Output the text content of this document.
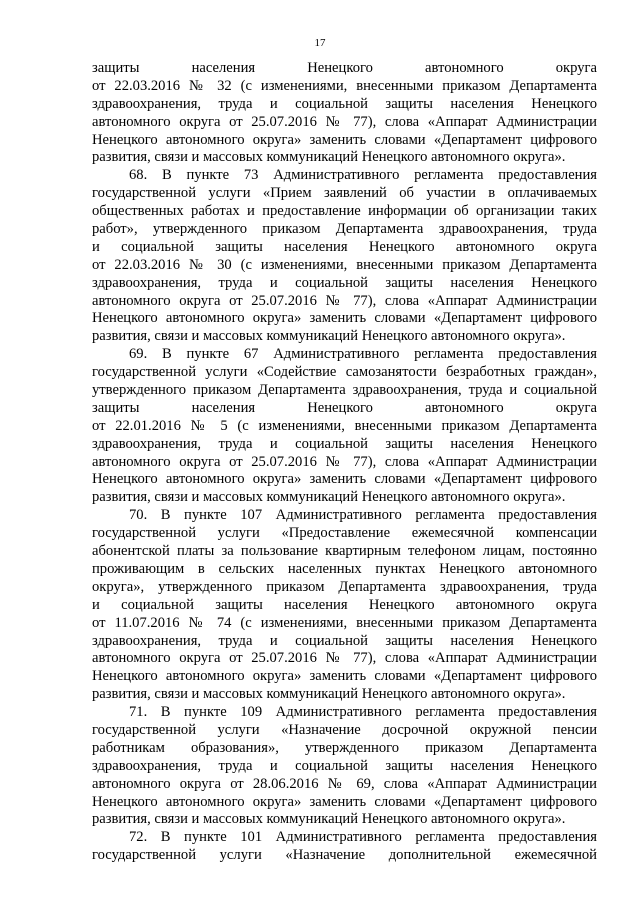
17
защиты населения Ненецкого автономного округа
от 22.03.2016 № 32 (с изменениями, внесенными приказом Департамента
здравоохранения, труда и социальной защиты населения Ненецкого
автономного округа от 25.07.2016 № 77), слова «Аппарат Администрации
Ненецкого автономного округа» заменить словами «Департамент цифрового
развития, связи и массовых коммуникаций Ненецкого автономного округа».
68. В пункте 73 Административного регламента предоставления
государственной услуги «Прием заявлений об участии в оплачиваемых
общественных работах и предоставление информации об организации таких
работ», утвержденного приказом Департамента здравоохранения, труда
и социальной защиты населения Ненецкого автономного округа
от 22.03.2016 № 30 (с изменениями, внесенными приказом Департамента
здравоохранения, труда и социальной защиты населения Ненецкого
автономного округа от 25.07.2016 № 77), слова «Аппарат Администрации
Ненецкого автономного округа» заменить словами «Департамент цифрового
развития, связи и массовых коммуникаций Ненецкого автономного округа».
69. В пункте 67 Административного регламента предоставления
государственной услуги «Содействие самозанятости безработных граждан»,
утвержденного приказом Департамента здравоохранения, труда и социальной
защиты населения Ненецкого автономного округа
от 22.01.2016 № 5 (с изменениями, внесенными приказом Департамента
здравоохранения, труда и социальной защиты населения Ненецкого
автономного округа от 25.07.2016 № 77), слова «Аппарат Администрации
Ненецкого автономного округа» заменить словами «Департамент цифрового
развития, связи и массовых коммуникаций Ненецкого автономного округа».
70. В пункте 107 Административного регламента предоставления
государственной услуги «Предоставление ежемесячной компенсации
абонентской платы за пользование квартирным телефоном лицам, постоянно
проживающим в сельских населенных пунктах Ненецкого автономного
округа», утвержденного приказом Департамента здравоохранения, труда
и социальной защиты населения Ненецкого автономного округа
от 11.07.2016 № 74 (с изменениями, внесенными приказом Департамента
здравоохранения, труда и социальной защиты населения Ненецкого
автономного округа от 25.07.2016 № 77), слова «Аппарат Администрации
Ненецкого автономного округа» заменить словами «Департамент цифрового
развития, связи и массовых коммуникаций Ненецкого автономного округа».
71. В пункте 109 Административного регламента предоставления
государственной услуги «Назначение досрочной окружной пенсии
работникам образования», утвержденного приказом Департамента
здравоохранения, труда и социальной защиты населения Ненецкого
автономного округа от 28.06.2016 № 69, слова «Аппарат Администрации
Ненецкого автономного округа» заменить словами «Департамент цифрового
развития, связи и массовых коммуникаций Ненецкого автономного округа».
72. В пункте 101 Административного регламента предоставления
государственной услуги «Назначение дополнительной ежемесячной
